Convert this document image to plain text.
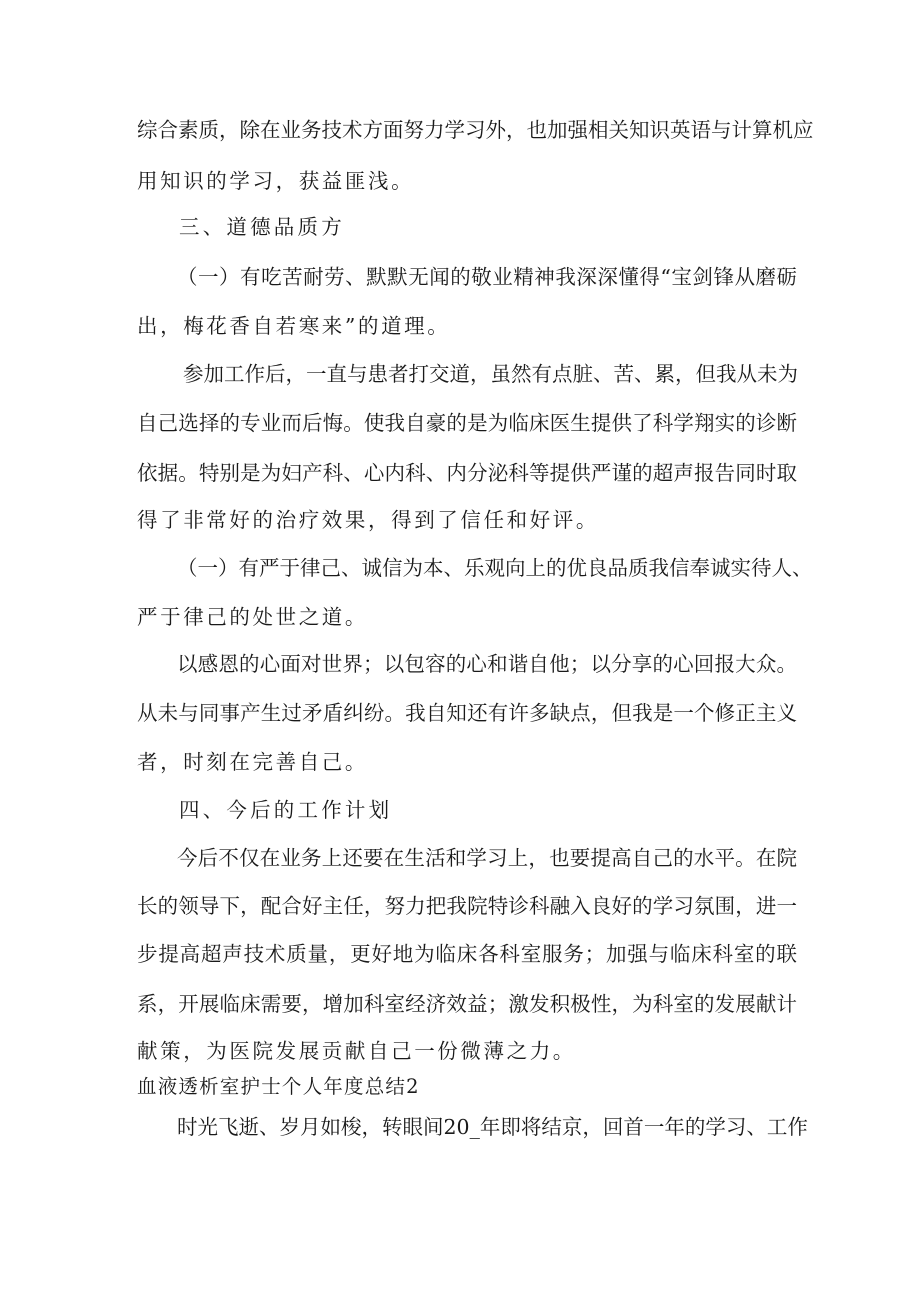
综合素质，除在业务技术方面努力学习外，也加强相关知识英语与计算机应
用知识的学习，获益匪浅。
三、道德品质方
（一）有吃苦耐劳、默默无闻的敬业精神我深深懂得“宝剑锋从磨砺
出，梅花香自若寒来”的道理。
参加工作后，一直与患者打交道，虽然有点脏、苦、累，但我从未为
自己选择的专业而后悔。使我自豪的是为临床医生提供了科学翔实的诊断
依据。特别是为妇产科、心内科、内分泌科等提供严谨的超声报告同时取
得了非常好的治疗效果，得到了信任和好评。
（一）有严于律己、诚信为本、乐观向上的优良品质我信奉诚实待人、
严于律己的处世之道。
以感恩的心面对世界；以包容的心和谐自他；以分享的心回报大众。
从未与同事产生过矛盾纠纷。我自知还有许多缺点，但我是一个修正主义
者，时刻在完善自己。
四、今后的工作计划
今后不仅在业务上还要在生活和学习上，也要提高自己的水平。在院
长的领导下，配合好主任，努力把我院特诊科融入良好的学习氛围，进一
步提高超声技术质量，更好地为临床各科室服务；加强与临床科室的联
系，开展临床需要，增加科室经济效益；激发积极性，为科室的发展献计
献策，为医院发展贡献自己一份微薄之力。
血液透析室护士个人年度总结2
时光飞逝、岁月如梭，转眼间20_年即将结京，回首一年的学习、工作
